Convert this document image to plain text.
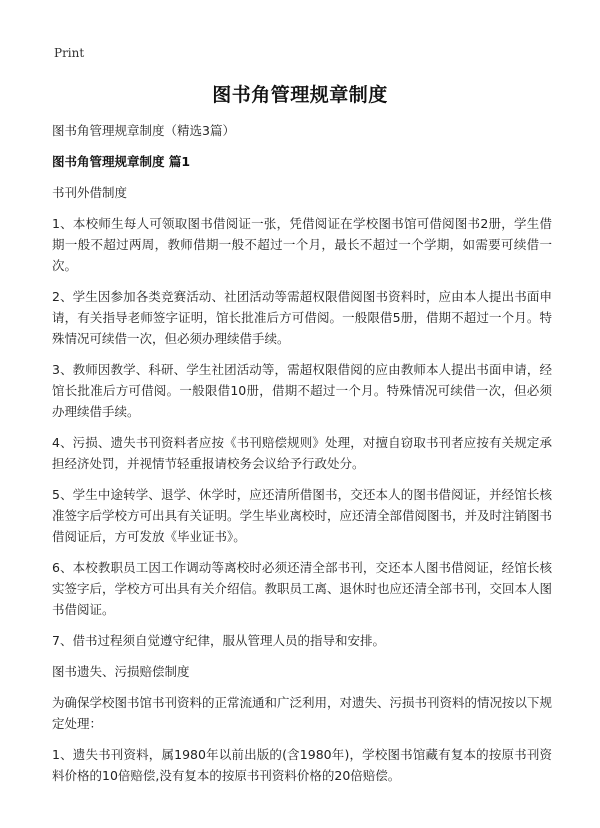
Print
图书角管理规章制度

图书角管理规章制度（精选3篇）

图书角管理规章制度 篇1

书刊外借制度

1、本校师生每人可领取图书借阅证一张，凭借阅证在学校图书馆可借阅图书2册，学生借期一般不超过两周，教师借期一般不超过一个月，最长不超过一个学期，如需要可续借一次。

2、学生因参加各类竞赛活动、社团活动等需超权限借阅图书资料时，应由本人提出书面申请，有关指导老师签字证明，馆长批准后方可借阅。一般限借5册，借期不超过一个月。特殊情况可续借一次，但必须办理续借手续。

3、教师因教学、科研、学生社团活动等，需超权限借阅的应由教师本人提出书面申请，经馆长批准后方可借阅。一般限借10册，借期不超过一个月。特殊情况可续借一次，但必须办理续借手续。

4、污损、遗失书刊资料者应按《书刊赔偿规则》处理，对擅自窃取书刊者应按有关规定承担经济处罚，并视情节轻重报请校务会议给予行政处分。

5、学生中途转学、退学、休学时，应还清所借图书，交还本人的图书借阅证，并经馆长核准签字后学校方可出具有关证明。学生毕业离校时，应还清全部借阅图书，并及时注销图书借阅证后，方可发放《毕业证书》。

6、本校教职员工因工作调动等离校时必须还清全部书刊，交还本人图书借阅证，经馆长核实签字后，学校方可出具有关介绍信。教职员工离、退休时也应还清全部书刊，交回本人图书借阅证。

7、借书过程须自觉遵守纪律，服从管理人员的指导和安排。

图书遗失、污损赔偿制度

为确保学校图书馆书刊资料的正常流通和广泛利用，对遗失、污损书刊资料的情况按以下规定处理：

1、遗失书刊资料，属1980年以前出版的(含1980年)，学校图书馆藏有复本的按原书刊资料价格的10倍赔偿,没有复本的按原书刊资料价格的20倍赔偿。
